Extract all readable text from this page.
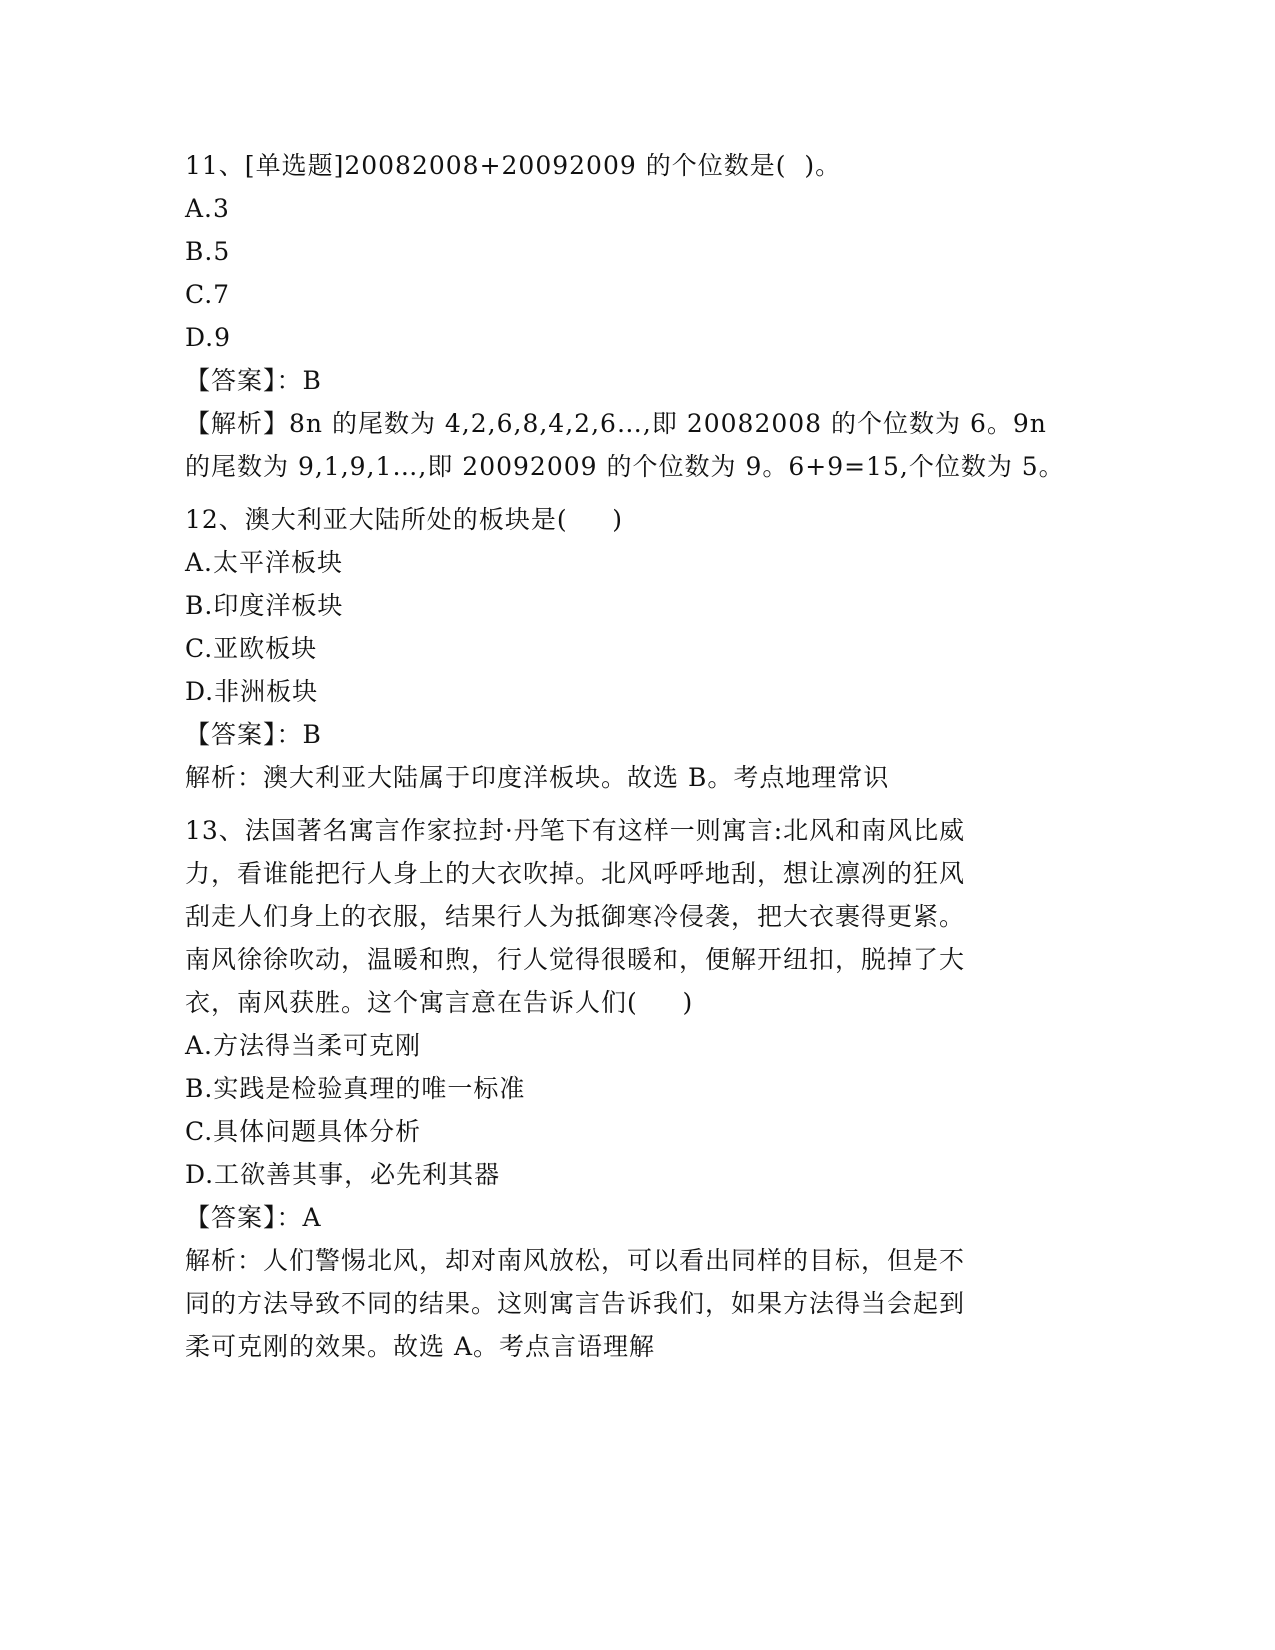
11、[单选题]20082008+20092009 的个位数是(  )。
A.3
B.5
C.7
D.9
【答案】：B
【解析】8n 的尾数为 4,2,6,8,4,2,6…,即 20082008 的个位数为 6。9n
的尾数为 9,1,9,1…,即 20092009 的个位数为 9。6+9=15,个位数为 5。
12、澳大利亚大陆所处的板块是(     )
A.太平洋板块
B.印度洋板块
C.亚欧板块
D.非洲板块
【答案】：B
解析：澳大利亚大陆属于印度洋板块。故选 B。考点地理常识
13、法国著名寓言作家拉封·丹笔下有这样一则寓言:北风和南风比威
力，看谁能把行人身上的大衣吹掉。北风呼呼地刮，想让凛冽的狂风
刮走人们身上的衣服，结果行人为抵御寒冷侵袭，把大衣裹得更紧。
南风徐徐吹动，温暖和煦，行人觉得很暖和，便解开纽扣，脱掉了大
衣，南风获胜。这个寓言意在告诉人们(     )
A.方法得当柔可克刚
B.实践是检验真理的唯一标准
C.具体问题具体分析
D.工欲善其事，必先利其器
【答案】：A
解析：人们警惕北风，却对南风放松，可以看出同样的目标，但是不
同的方法导致不同的结果。这则寓言告诉我们，如果方法得当会起到
柔可克刚的效果。故选 A。考点言语理解
